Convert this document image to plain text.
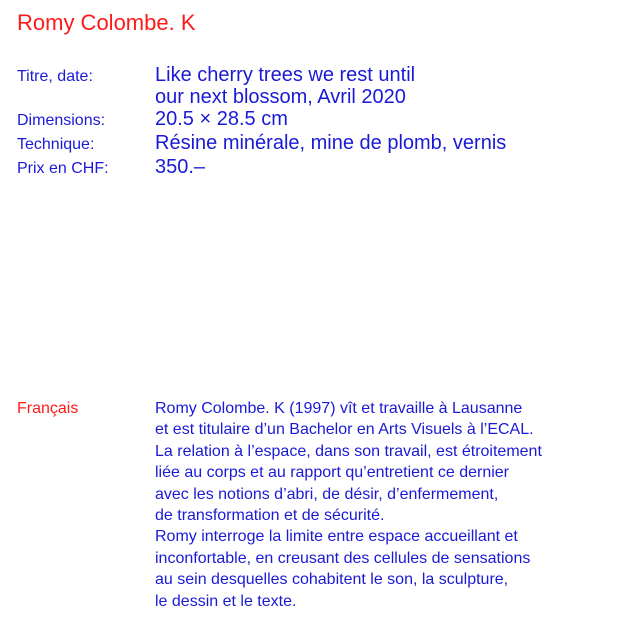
Romy Colombe. K
Titre, date:	Like cherry trees we rest until
our next blossom, Avril 2020
Dimensions:	20.5 × 28.5 cm
Technique:	Résine minérale, mine de plomb, vernis
Prix en CHF:	350.–
Français	Romy Colombe. K (1997) vît et travaille à Lausanne
et est titulaire d’un Bachelor en Arts Visuels à l’ECAL.
La relation à l’espace, dans son travail, est étroitement
liée au corps et au rapport qu’entretient ce dernier
avec les notions d’abri, de désir, d’enfermement,
de transformation et de sécurité.
Romy interroge la limite entre espace accueillant et
inconfortable, en creusant des cellules de sensations
au sein desquelles cohabitent le son, la sculpture,
le dessin et le texte.
